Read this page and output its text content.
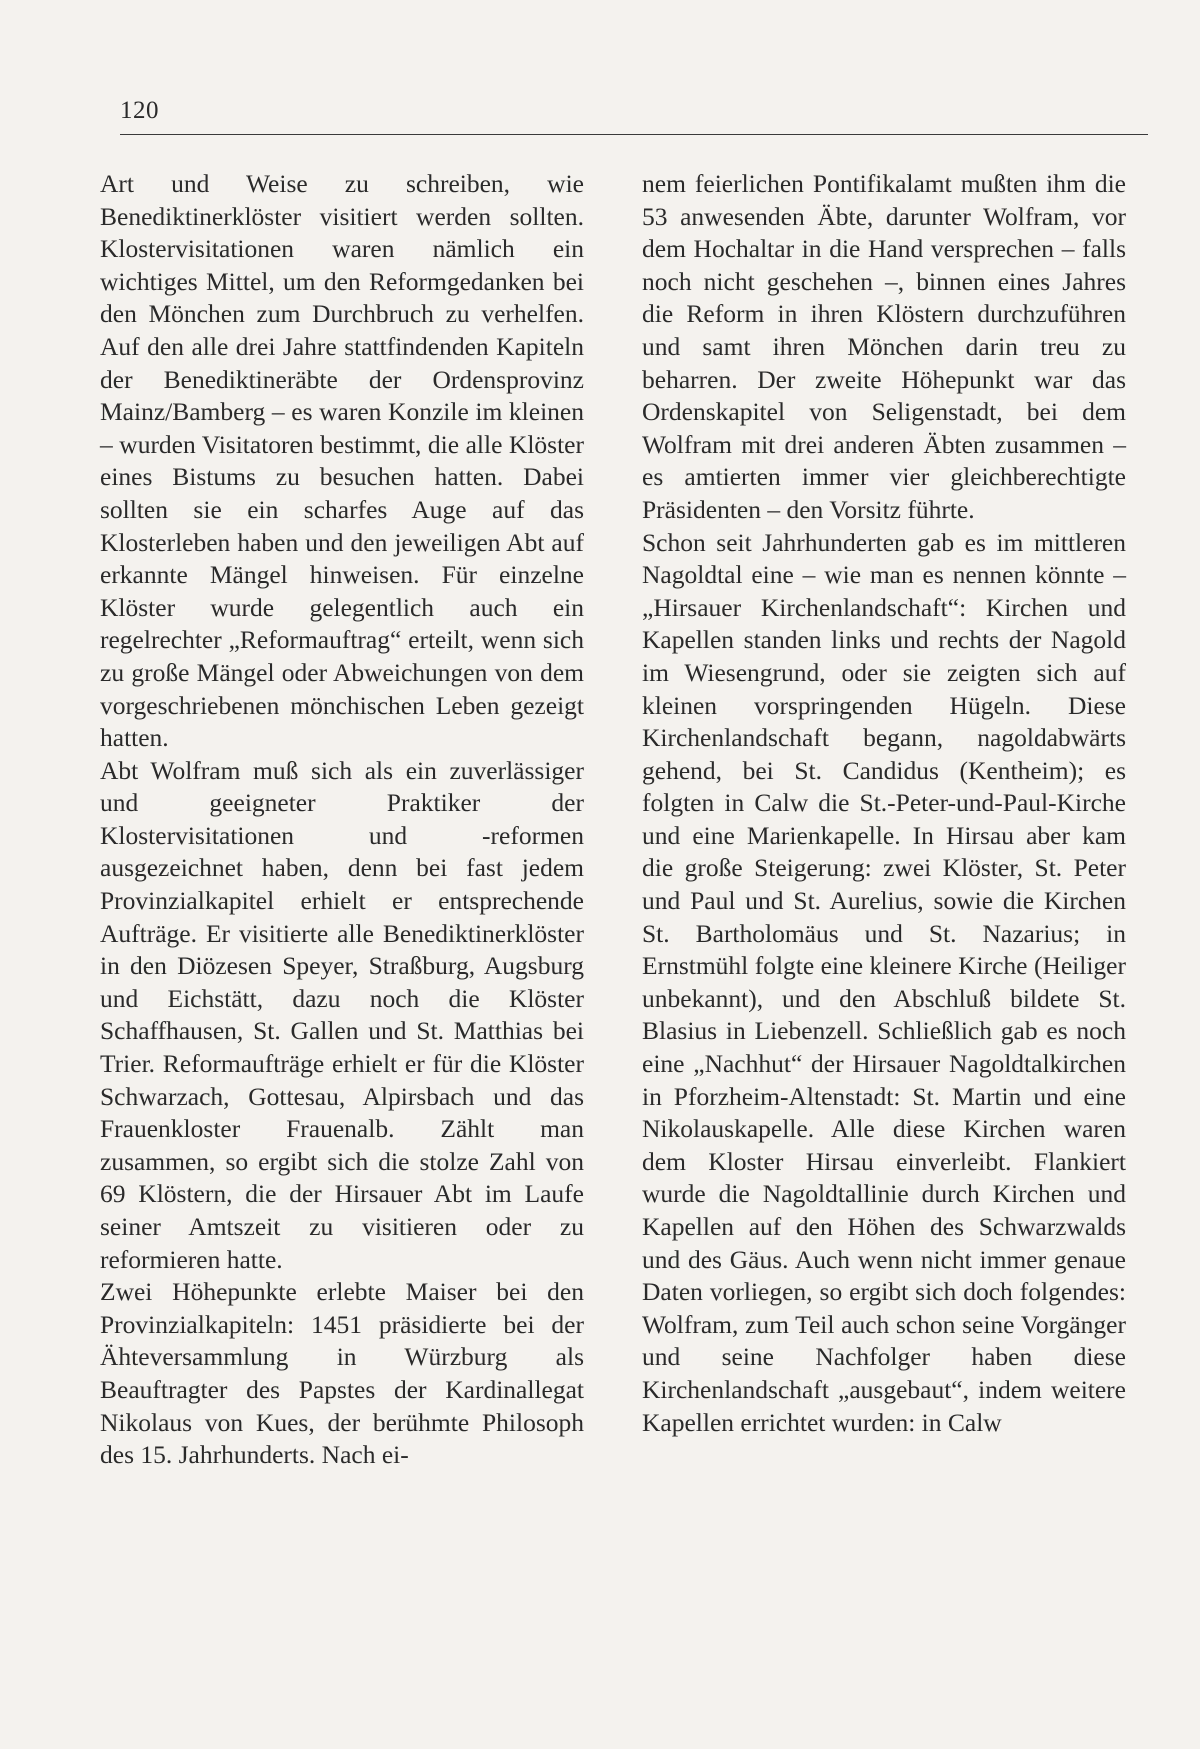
120

Art und Weise zu schreiben, wie Benediktinerklöster visitiert werden sollten. Klostervisitationen waren nämlich ein wichtiges Mittel, um den Reformgedanken bei den Mönchen zum Durchbruch zu verhelfen. Auf den alle drei Jahre stattfindenden Kapiteln der Benediktineräbte der Ordensprovinz Mainz/Bamberg – es waren Konzile im kleinen – wurden Visitatoren bestimmt, die alle Klöster eines Bistums zu besuchen hatten. Dabei sollten sie ein scharfes Auge auf das Klosterleben haben und den jeweiligen Abt auf erkannte Mängel hinweisen. Für einzelne Klöster wurde gelegentlich auch ein regelrechter „Reformauftrag“ erteilt, wenn sich zu große Mängel oder Abweichungen von dem vorgeschriebenen mönchischen Leben gezeigt hatten.

Abt Wolfram muß sich als ein zuverlässiger und geeigneter Praktiker der Klostervisitationen und -reformen ausgezeichnet haben, denn bei fast jedem Provinzialkapitel erhielt er entsprechende Aufträge. Er visitierte alle Benediktinerklöster in den Diözesen Speyer, Straßburg, Augsburg und Eichstätt, dazu noch die Klöster Schaffhausen, St. Gallen und St. Matthias bei Trier. Reformaufträge erhielt er für die Klöster Schwarzach, Gottesau, Alpirsbach und das Frauenkloster Frauenalb. Zählt man zusammen, so ergibt sich die stolze Zahl von 69 Klöstern, die der Hirsauer Abt im Laufe seiner Amtszeit zu visitieren oder zu reformieren hatte.

Zwei Höhepunkte erlebte Maiser bei den Provinzialkapiteln: 1451 präsidierte bei der Ähteversammlung in Würzburg als Beauftragter des Papstes der Kardinallegat Nikolaus von Kues, der berühmte Philosoph des 15. Jahrhunderts. Nach ei-

nem feierlichen Pontifikalamt mußten ihm die 53 anwesenden Äbte, darunter Wolfram, vor dem Hochaltar in die Hand versprechen – falls noch nicht geschehen –, binnen eines Jahres die Reform in ihren Klöstern durchzuführen und samt ihren Mönchen darin treu zu beharren. Der zweite Höhepunkt war das Ordenskapitel von Seligenstadt, bei dem Wolfram mit drei anderen Äbten zusammen – es amtierten immer vier gleichberechtigte Präsidenten – den Vorsitz führte.

Schon seit Jahrhunderten gab es im mittleren Nagoldtal eine – wie man es nennen könnte – „Hirsauer Kirchenlandschaft“: Kirchen und Kapellen standen links und rechts der Nagold im Wiesengrund, oder sie zeigten sich auf kleinen vorspringenden Hügeln. Diese Kirchenlandschaft begann, nagoldabwärts gehend, bei St. Candidus (Kentheim); es folgten in Calw die St.-Peter-und-Paul-Kirche und eine Marienkapelle. In Hirsau aber kam die große Steigerung: zwei Klöster, St. Peter und Paul und St. Aurelius, sowie die Kirchen St. Bartholomäus und St. Nazarius; in Ernstmühl folgte eine kleinere Kirche (Heiliger unbekannt), und den Abschluß bildete St. Blasius in Liebenzell. Schließlich gab es noch eine „Nachhut“ der Hirsauer Nagoldtalkirchen in Pforzheim-Altenstadt: St. Martin und eine Nikolauskapelle. Alle diese Kirchen waren dem Kloster Hirsau einverleibt. Flankiert wurde die Nagoldtallinie durch Kirchen und Kapellen auf den Höhen des Schwarzwalds und des Gäus. Auch wenn nicht immer genaue Daten vorliegen, so ergibt sich doch folgendes: Wolfram, zum Teil auch schon seine Vorgänger und seine Nachfolger haben diese Kirchenlandschaft „ausgebaut“, indem weitere Kapellen errichtet wurden: in Calw
